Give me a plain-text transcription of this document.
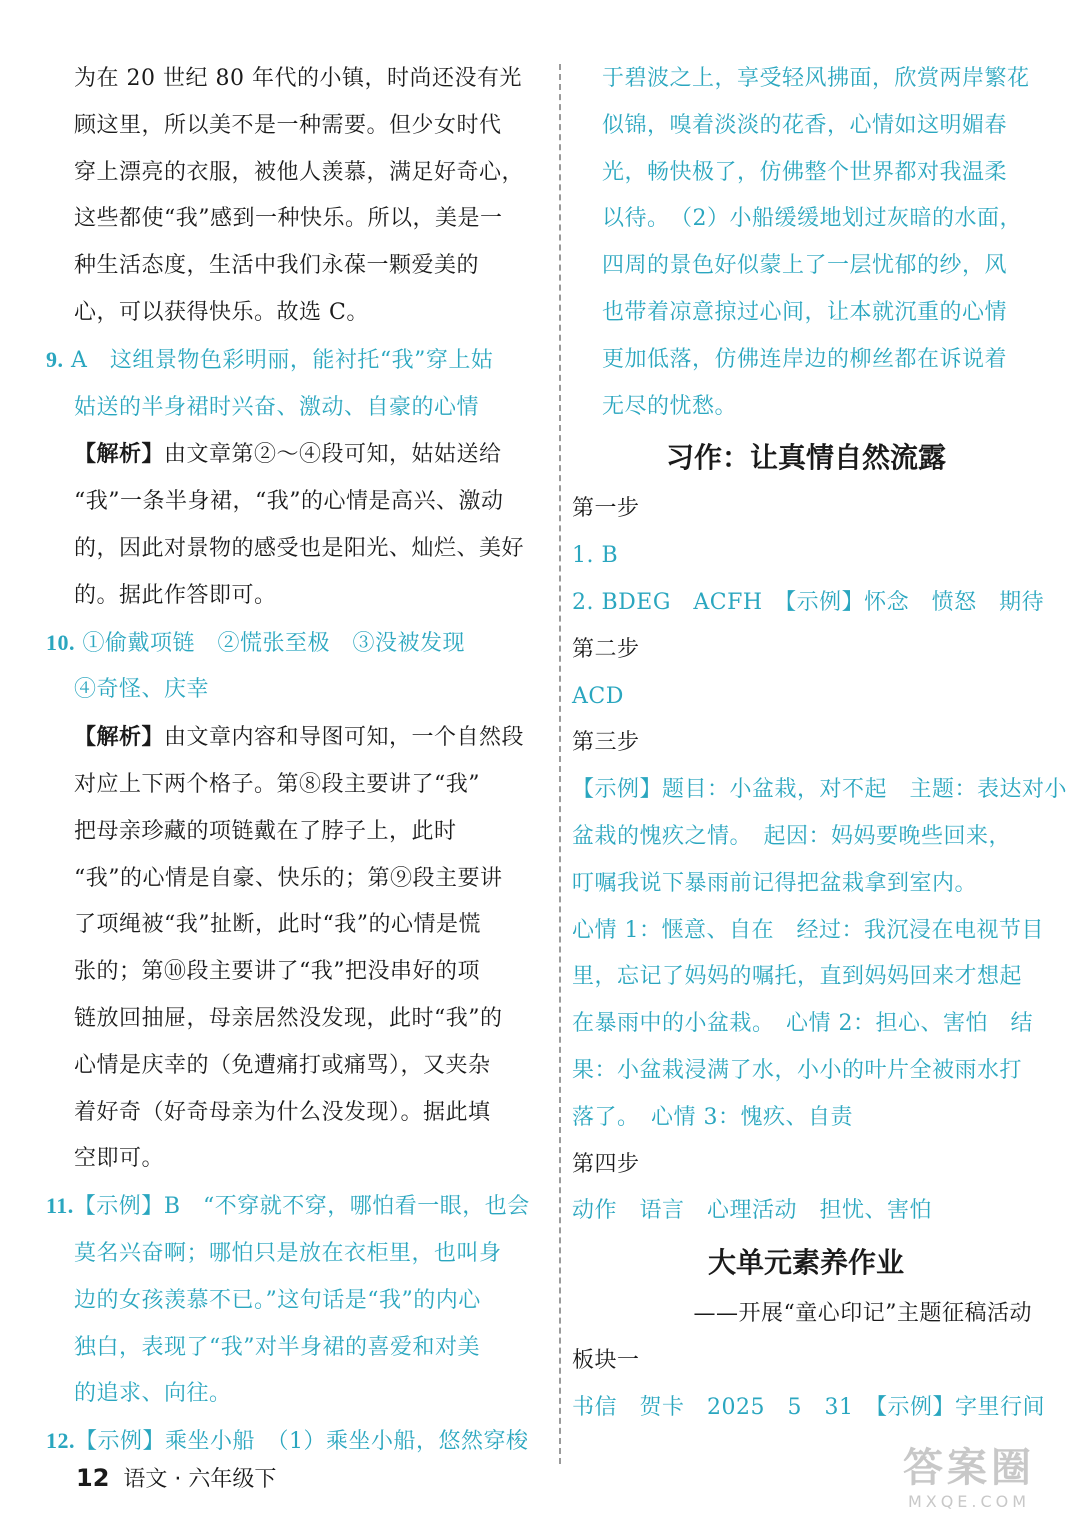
为在 20 世纪 80 年代的小镇，时尚还没有光
顾这里，所以美不是一种需要。但少女时代
穿上漂亮的衣服，被他人羡慕，满足好奇心，
这些都使“我”感到一种快乐。所以，美是一
种生活态度，生活中我们永葆一颗爱美的
心，可以获得快乐。故选 C。
9. A　这组景物色彩明丽，能衬托“我”穿上姑
姑送的半身裙时兴奋、激动、自豪的心情
【解析】由文章第②～④段可知，姑姑送给
“我”一条半身裙，“我”的心情是高兴、激动
的，因此对景物的感受也是阳光、灿烂、美好
的。据此作答即可。
10. ①偷戴项链　②慌张至极　③没被发现
④奇怪、庆幸
【解析】由文章内容和导图可知，一个自然段
对应上下两个格子。第⑧段主要讲了“我”
把母亲珍藏的项链戴在了脖子上，此时
“我”的心情是自豪、快乐的；第⑨段主要讲
了项绳被“我”扯断，此时“我”的心情是慌
张的；第⑩段主要讲了“我”把没串好的项
链放回抽屉，母亲居然没发现，此时“我”的
心情是庆幸的（免遭痛打或痛骂），又夹杂
着好奇（好奇母亲为什么没发现）。据此填
空即可。
11.【示例】B　“不穿就不穿，哪怕看一眼，也会
莫名兴奋啊；哪怕只是放在衣柜里，也叫身
边的女孩羡慕不已。”这句话是“我”的内心
独白，表现了“我”对半身裙的喜爱和对美
的追求、向往。
12.【示例】乘坐小船　（1）乘坐小船，悠然穿梭
于碧波之上，享受轻风拂面，欣赏两岸繁花
似锦，嗅着淡淡的花香，心情如这明媚春
光，畅快极了，仿佛整个世界都对我温柔
以待。　（2）小船缓缓地划过灰暗的水面，
四周的景色好似蒙上了一层忧郁的纱，风
也带着凉意掠过心间，让本就沉重的心情
更加低落，仿佛连岸边的柳丝都在诉说着
无尽的忧愁。
习作：让真情自然流露
第一步
1. B
2. BDEG　ACFH　【示例】怀念　愤怒　期待
第二步
ACD
第三步
【示例】题目：小盆栽，对不起　主题：表达对小
盆栽的愧疚之情。　起因：妈妈要晚些回来，
叮嘱我说下暴雨前记得把盆栽拿到室内。
心情 1：惬意、自在　经过：我沉浸在电视节目
里，忘记了妈妈的嘱托，直到妈妈回来才想起
在暴雨中的小盆栽。　心情 2：担心、害怕　结
果：小盆栽浸满了水，小小的叶片全被雨水打
落了。　心情 3：愧疚、自责
第四步
动作　语言　心理活动　担忧、害怕
大单元素养作业
——开展“童心印记”主题征稿活动
板块一
书信　贺卡　2025　5　31　【示例】字里行间
12 语文 · 六年级下	答案圈
MXQE.COM
